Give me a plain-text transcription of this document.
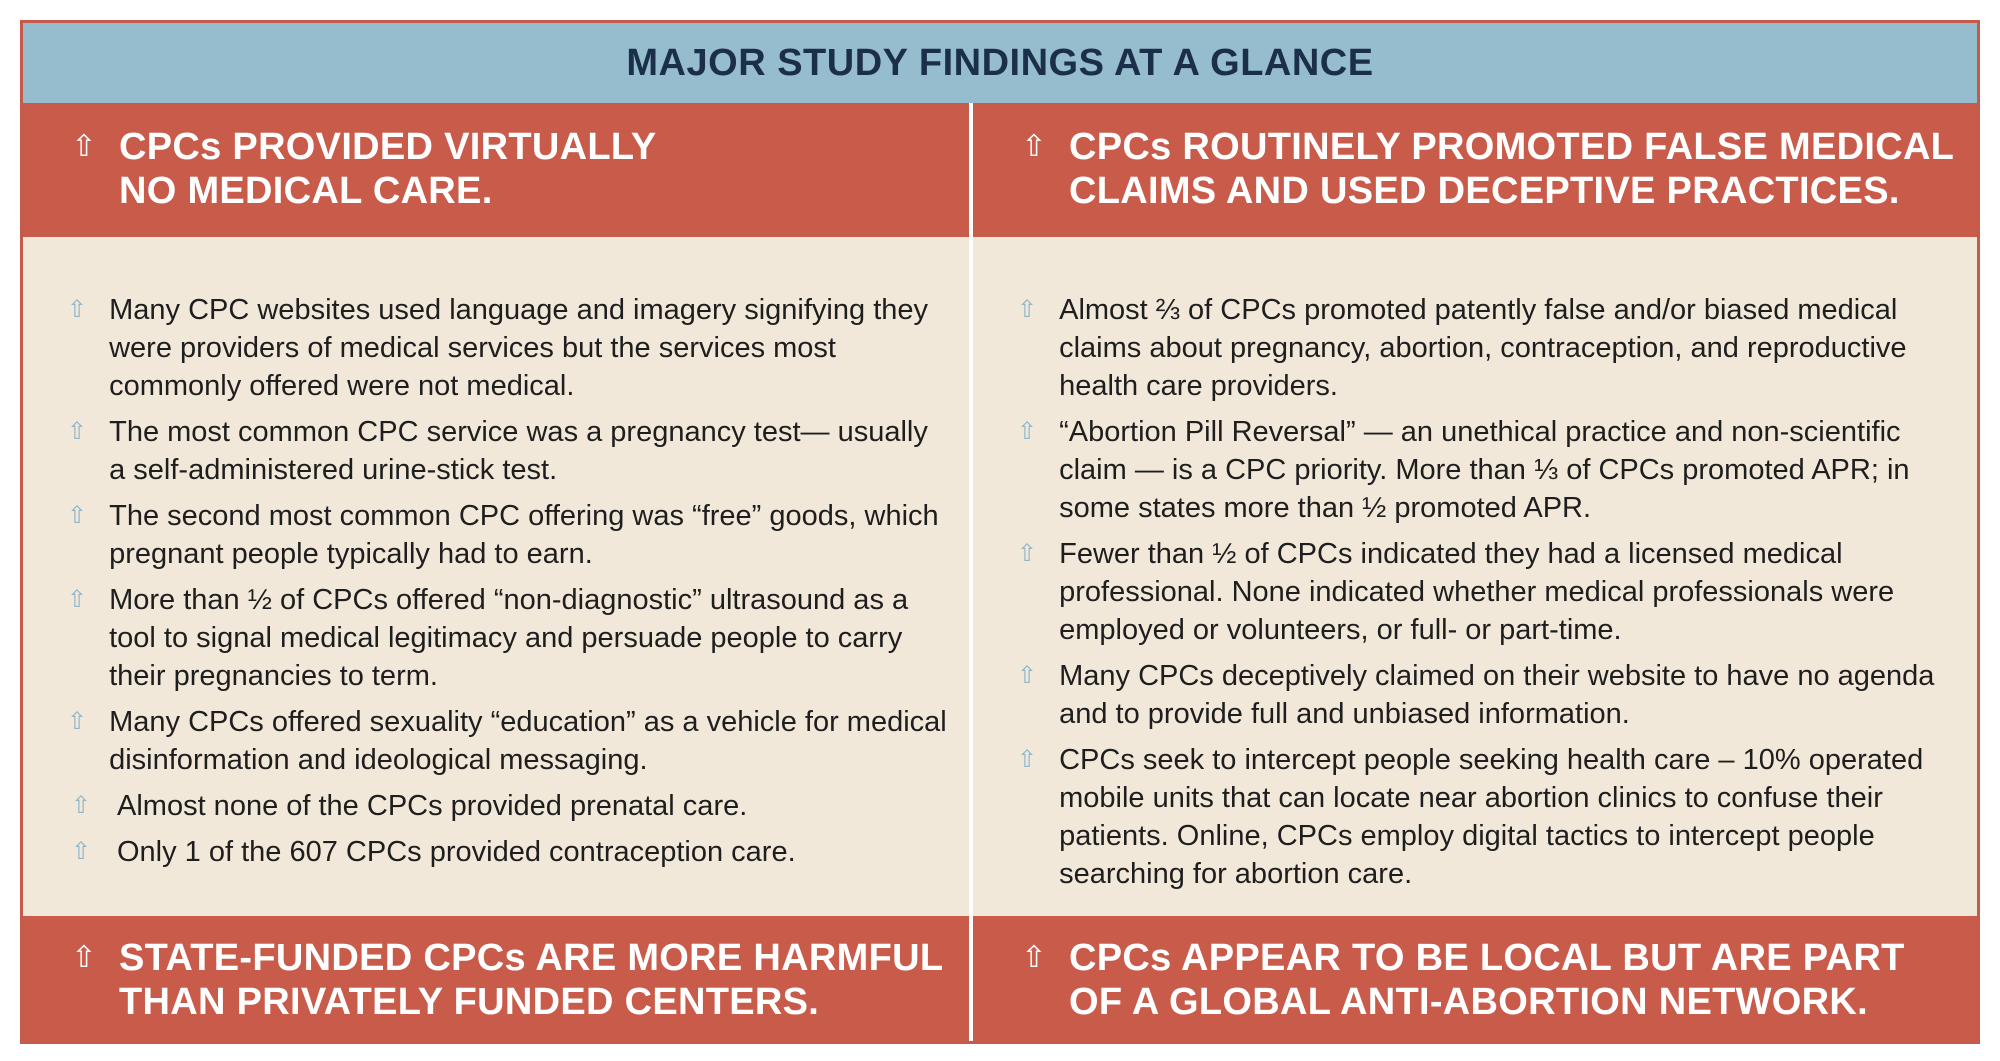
MAJOR STUDY FINDINGS AT A GLANCE
⇧ CPCs PROVIDED VIRTUALLY
NO MEDICAL CARE.
⇧ CPCs ROUTINELY PROMOTED FALSE MEDICAL
CLAIMS AND USED DECEPTIVE PRACTICES.
⇧ Many CPC websites used language and imagery signifying they were providers of medical services but the services most commonly offered were not medical.
⇧ The most common CPC service was a pregnancy test— usually a self-administered urine-stick test.
⇧ The second most common CPC offering was “free” goods, which pregnant people typically had to earn.
⇧ More than ½ of CPCs offered “non-diagnostic” ultrasound as a tool to signal medical legitimacy and persuade people to carry their pregnancies to term.
⇧ Many CPCs offered sexuality “education” as a vehicle for medical disinformation and ideological messaging.
⇧ Almost none of the CPCs provided prenatal care.
⇧ Only 1 of the 607 CPCs provided contraception care.
⇧ Almost ⅔ of CPCs promoted patently false and/or biased medical claims about pregnancy, abortion, contraception, and reproductive health care providers.
⇧ “Abortion Pill Reversal” — an unethical practice and non-scientific claim — is a CPC priority. More than ⅓ of CPCs promoted APR; in some states more than ½ promoted APR.
⇧ Fewer than ½ of CPCs indicated they had a licensed medical professional. None indicated whether medical professionals were employed or volunteers, or full- or part-time.
⇧ Many CPCs deceptively claimed on their website to have no agenda and to provide full and unbiased information.
⇧ CPCs seek to intercept people seeking health care – 10% operated mobile units that can locate near abortion clinics to confuse their patients. Online, CPCs employ digital tactics to intercept people searching for abortion care.
⇧ STATE-FUNDED CPCs ARE MORE HARMFUL
THAN PRIVATELY FUNDED CENTERS.
⇧ CPCs APPEAR TO BE LOCAL BUT ARE PART
OF A GLOBAL ANTI-ABORTION NETWORK.
